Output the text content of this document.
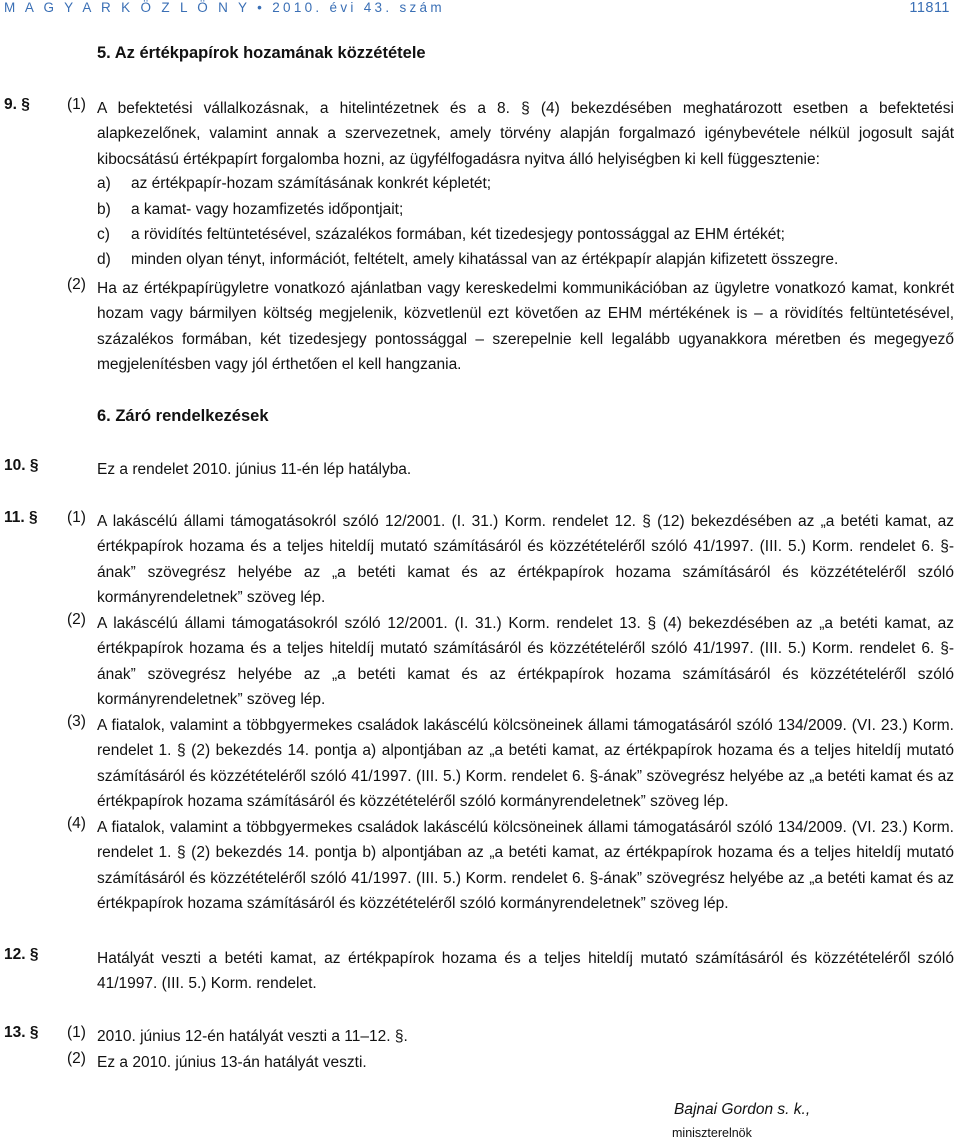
M A G Y A R K Ö Z L Ö N Y • 2010. évi 43. szám	11811
5. Az értékpapírok hozamának közzététele
9. § (1) A befektetési vállalkozásnak, a hitelintézetnek és a 8. § (4) bekezdésében meghatározott esetben a befektetési alapkezelőnek, valamint annak a szervezetnek, amely törvény alapján forgalmazó igénybevétele nélkül jogosult saját kibocsátású értékpapírt forgalomba hozni, az ügyfélfogadásra nyitva álló helyiségben ki kell függesztenie:
a) az értékpapír-hozam számításának konkrét képletét;
b) a kamat- vagy hozamfizetés időpontjait;
c) a rövidítés feltüntetésével, százalékos formában, két tizedesjegy pontossággal az EHM értékét;
d) minden olyan tényt, információt, feltételt, amely kihatással van az értékpapír alapján kifizetett összegre.
(2) Ha az értékpapírügyletre vonatkozó ajánlatban vagy kereskedelmi kommunikációban az ügyletre vonatkozó kamat, konkrét hozam vagy bármilyen költség megjelenik, közvetlenül ezt követően az EHM mértékének is – a rövidítés feltüntetésével, százalékos formában, két tizedesjegy pontossággal – szerepelnie kell legalább ugyanakkora méretben és megegyező megjelenítésben vagy jól érthetően el kell hangzania.
6. Záró rendelkezések
10. §	Ez a rendelet 2010. június 11-én lép hatályba.
11. § (1) A lakáscélú állami támogatásokról szóló 12/2001. (I. 31.) Korm. rendelet 12. § (12) bekezdésében az „a betéti kamat, az értékpapírok hozama és a teljes hiteldíj mutató számításáról és közzétételéről szóló 41/1997. (III. 5.) Korm. rendelet 6. §-ának” szövegrész helyébe az „a betéti kamat és az értékpapírok hozama számításáról és közzétételéről szóló kormányrendeletnek” szöveg lép.
(2) A lakáscélú állami támogatásokról szóló 12/2001. (I. 31.) Korm. rendelet 13. § (4) bekezdésében az „a betéti kamat, az értékpapírok hozama és a teljes hiteldíj mutató számításáról és közzétételéről szóló 41/1997. (III. 5.) Korm. rendelet 6. §-ának” szövegrész helyébe az „a betéti kamat és az értékpapírok hozama számításáról és közzétételéről szóló kormányrendeletnek” szöveg lép.
(3) A fiatalok, valamint a többgyermekes családok lakáscélú kölcsöneinek állami támogatásáról szóló 134/2009. (VI. 23.) Korm. rendelet 1. § (2) bekezdés 14. pontja a) alpontjában az „a betéti kamat, az értékpapírok hozama és a teljes hiteldíj mutató számításáról és közzétételéről szóló 41/1997. (III. 5.) Korm. rendelet 6. §-ának” szövegrész helyébe az „a betéti kamat és az értékpapírok hozama számításáról és közzétételéről szóló kormányrendeletnek” szöveg lép.
(4) A fiatalok, valamint a többgyermekes családok lakáscélú kölcsöneinek állami támogatásáról szóló 134/2009. (VI. 23.) Korm. rendelet 1. § (2) bekezdés 14. pontja b) alpontjában az „a betéti kamat, az értékpapírok hozama és a teljes hiteldíj mutató számításáról és közzétételéről szóló 41/1997. (III. 5.) Korm. rendelet 6. §-ának” szövegrész helyébe az „a betéti kamat és az értékpapírok hozama számításáról és közzétételéről szóló kormányrendeletnek” szöveg lép.
12. §	Hatályát veszti a betéti kamat, az értékpapírok hozama és a teljes hiteldíj mutató számításáról és közzétételéről szóló 41/1997. (III. 5.) Korm. rendelet.
13. § (1) 2010. június 12-én hatályát veszti a 11–12. §.
(2) Ez a 2010. június 13-án hatályát veszti.
Bajnai Gordon s. k.,
miniszterelnök
